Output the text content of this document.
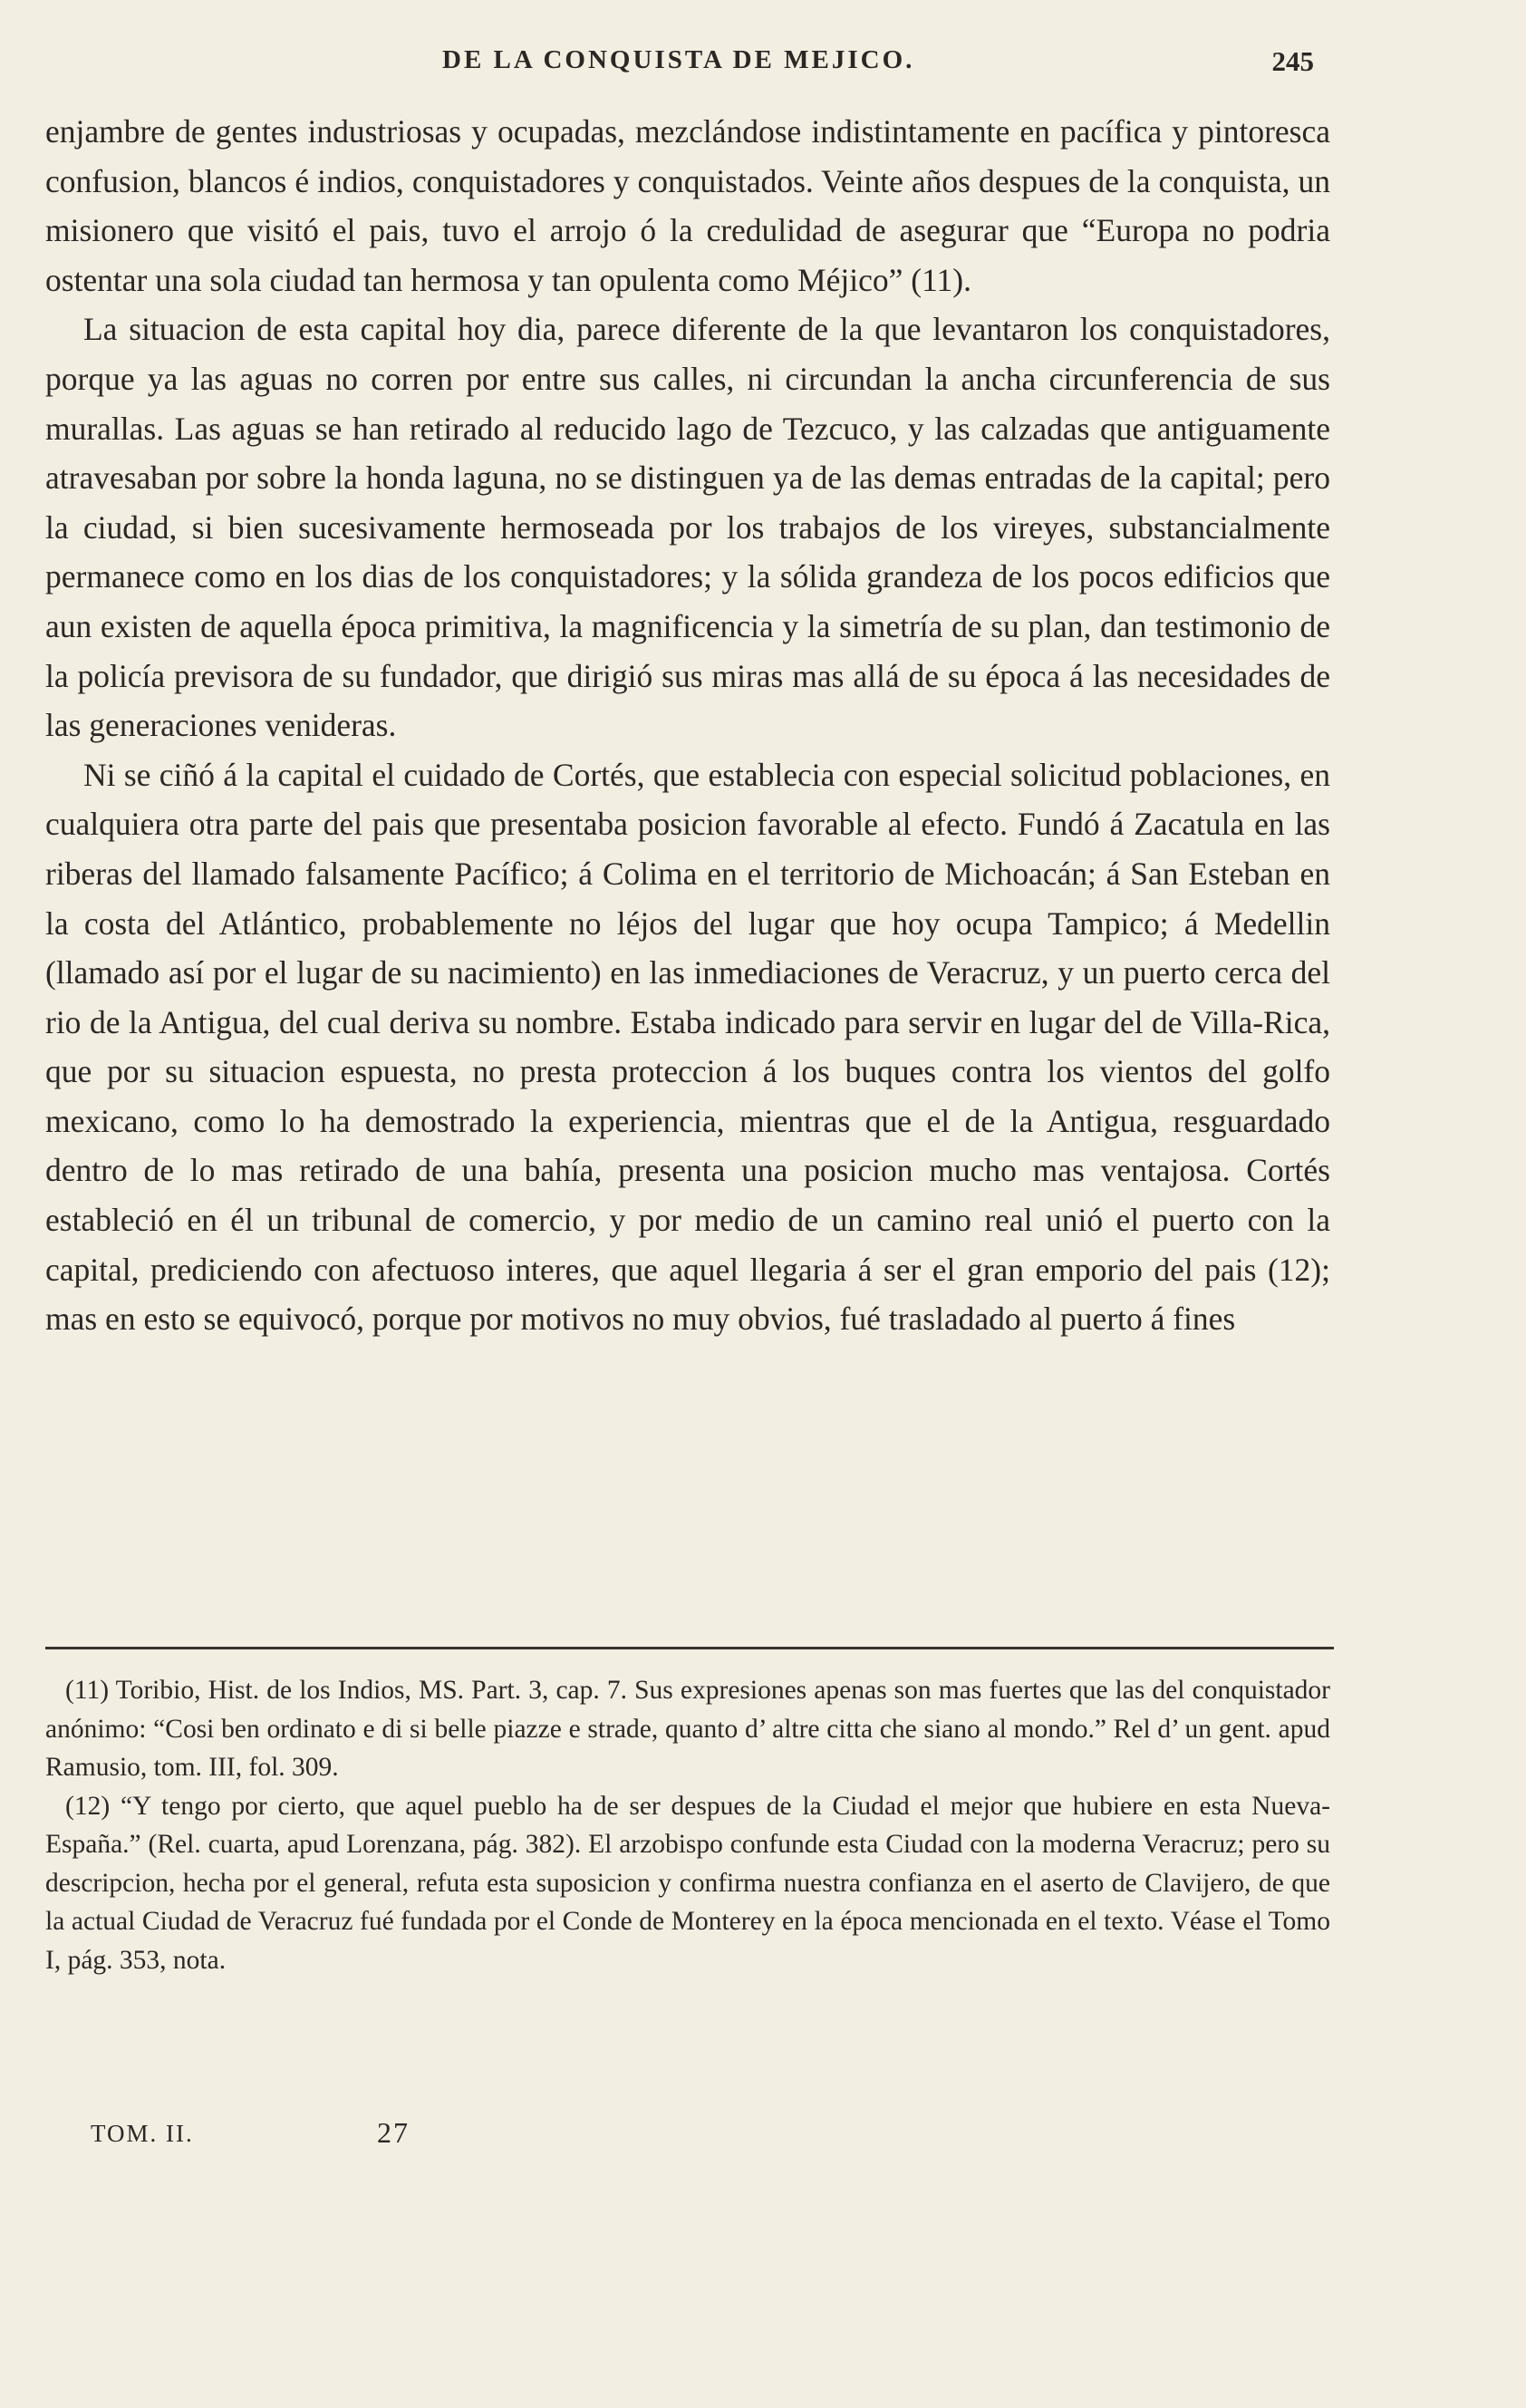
DE LA CONQUISTA DE MEJICO.	245

enjambre de gentes industriosas y ocupadas, mezclándose indistintamente en pacífica y pintoresca confusion, blancos é indios, conquistadores y conquistados. Veinte años despues de la conquista, un misionero que visitó el pais, tuvo el arrojo ó la credulidad de asegurar que “Europa no podria ostentar una sola ciudad tan hermosa y tan opulenta como Méjico” (11).

La situacion de esta capital hoy dia, parece diferente de la que levantaron los conquistadores, porque ya las aguas no corren por entre sus calles, ni circundan la ancha circunferencia de sus murallas. Las aguas se han retirado al reducido lago de Tezcuco, y las calzadas que antiguamente atravesaban por sobre la honda laguna, no se distinguen ya de las demas entradas de la capital; pero la ciudad, si bien sucesivamente hermoseada por los trabajos de los vireyes, substancialmente permanece como en los dias de los conquistadores; y la sólida grandeza de los pocos edificios que aun existen de aquella época primitiva, la magnificencia y la simetría de su plan, dan testimonio de la policía previsora de su fundador, que dirigió sus miras mas allá de su época á las necesidades de las generaciones venideras.

Ni se ciñó á la capital el cuidado de Cortés, que establecia con especial solicitud poblaciones, en cualquiera otra parte del pais que presentaba posicion favorable al efecto. Fundó á Zacatula en las riberas del llamado falsamente Pacífico; á Colima en el territorio de Michoacán; á San Esteban en la costa del Atlántico, probablemente no léjos del lugar que hoy ocupa Tampico; á Medellin (llamado así por el lugar de su nacimiento) en las inmediaciones de Veracruz, y un puerto cerca del rio de la Antigua, del cual deriva su nombre. Estaba indicado para servir en lugar del de Villa-Rica, que por su situacion espuesta, no presta proteccion á los buques contra los vientos del golfo mexicano, como lo ha demostrado la experiencia, mientras que el de la Antigua, resguardado dentro de lo mas retirado de una bahía, presenta una posicion mucho mas ventajosa. Cortés estableció en él un tribunal de comercio, y por medio de un camino real unió el puerto con la capital, prediciendo con afectuoso interes, que aquel llegaria á ser el gran emporio del pais (12); mas en esto se equivocó, porque por motivos no muy obvios, fué trasladado al puerto á fines

(11) Toribio, Hist. de los Indios, MS. Part. 3, cap. 7. Sus expresiones apenas son mas fuertes que las del conquistador anónimo: “Cosi ben ordinato e di si belle piazze e strade, quanto d’ altre citta che siano al mondo.” Rel d’ un gent. apud Ramusio, tom. III, fol. 309.

(12) “Y tengo por cierto, que aquel pueblo ha de ser despues de la Ciudad el mejor que hubiere en esta Nueva-España.” (Rel. cuarta, apud Lorenzana, pág. 382). El arzobispo confunde esta Ciudad con la moderna Veracruz; pero su descripcion, hecha por el general, refuta esta suposicion y confirma nuestra confianza en el aserto de Clavijero, de que la actual Ciudad de Veracruz fué fundada por el Conde de Monterey en la época mencionada en el texto. Véase el Tomo I, pág. 353, nota.

TOM. II.	27
